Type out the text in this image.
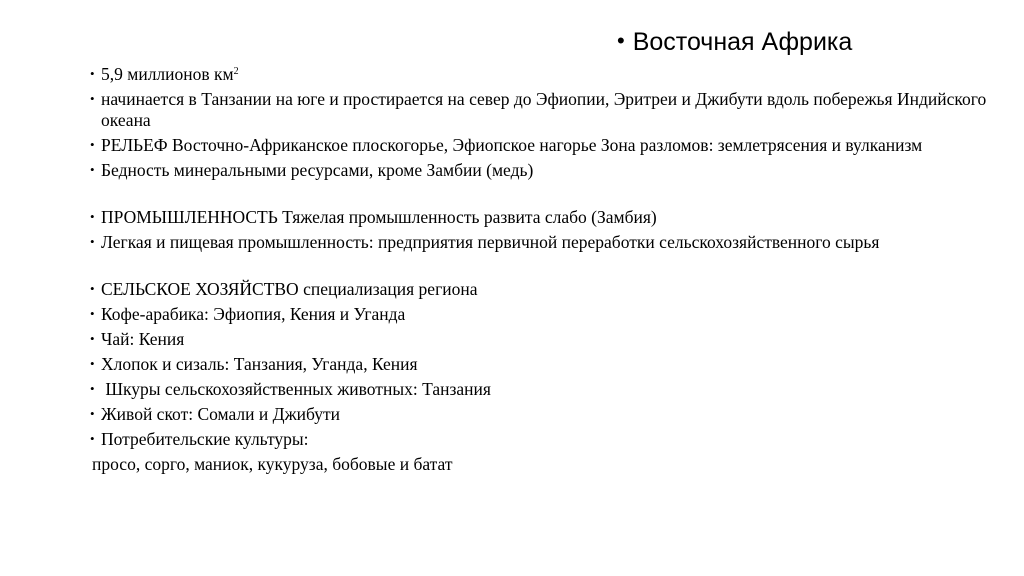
• Восточная Африка
• 5,9 миллионов $км^2$
• начинается в Танзании на юге и простирается на север до Эфиопии, Эритреи и Джибути вдоль побережья Индийского океана
• РЕЛЬЕФ Восточно-Африканское плоскогорье, Эфиопское нагорье Зона разломов: землетрясения и вулканизм
• Бедность минеральными ресурсами, кроме Замбии (медь)
• ПРОМЫШЛЕННОСТЬ Тяжелая промышленность развита слабо (Замбия)
• Легкая и пищевая промышленность: предприятия первичной переработки сельскохозяйственного сырья
• СЕЛЬСКОЕ ХОЗЯЙСТВО специализация региона
• Кофе-арабика: Эфиопия, Кения и Уганда
• Чай: Кения
• Хлопок и сизаль: Танзания, Уганда, Кения
• Шкуры сельскохозяйственных животных: Танзания
• Живой скот: Сомали и Джибути
• Потребительские культуры:
просо, сорго, маниок, кукуруза, бобовые и батат
